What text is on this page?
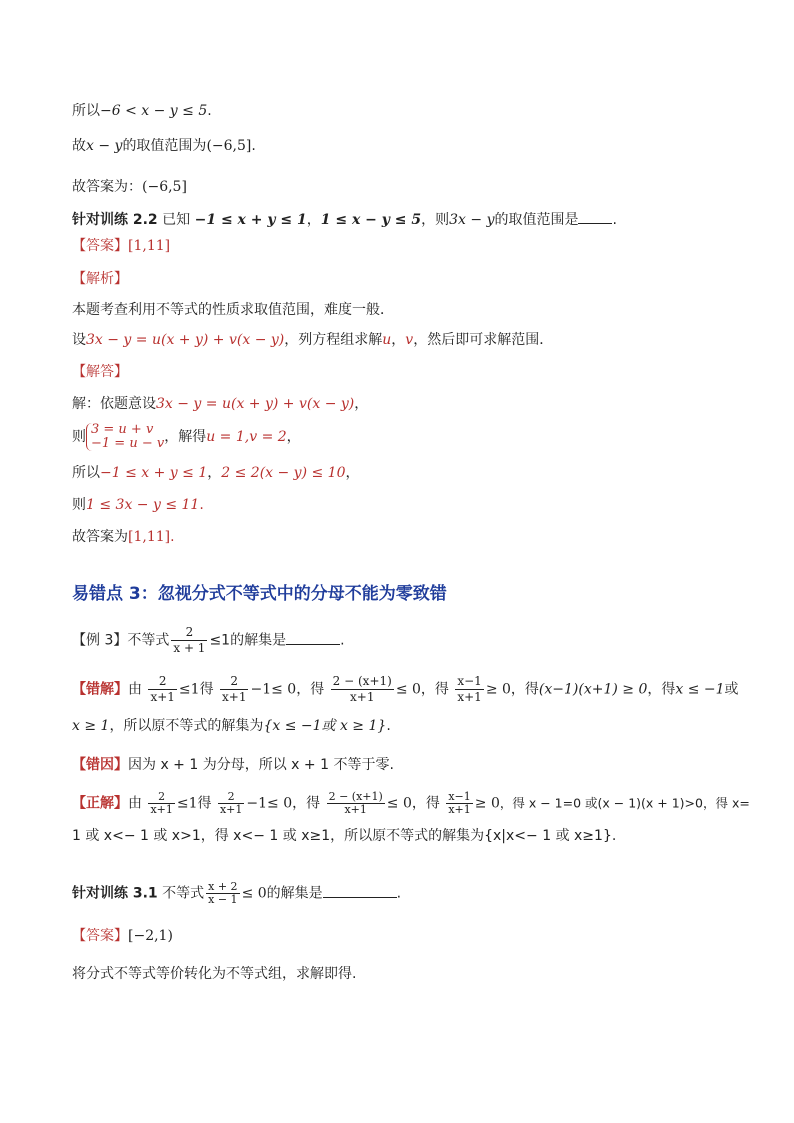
所以−6 < x − y ≤ 5.
故x − y的取值范围为(−6,5].
故答案为：(−6,5]
针对训练 2.2 已知 −1 ≤ x + y ≤ 1，1 ≤ x − y ≤ 5，则3x − y的取值范围是 .
【答案】[1,11]
【解析】
本题考查利用不等式的性质求取值范围，难度一般．
设3x − y = u(x + y) + v(x − y)，列方程组求解u，v，然后即可求解范围．
【解答】
解：依题意设3x − y = u(x + y) + v(x − y)，
则 3 = u + v
−1 = u − v ，解得u = 1,v = 2，
所以−1 ≤ x + y ≤ 1，2 ≤ 2(x − y) ≤ 10，
则1 ≤ 3x − y ≤ 11.
故答案为[1,11].
易错点 3：忽视分式不等式中的分母不能为零致错
【例 3】不等式 $\frac{2}{x + 1} \le 1$的解集是	.
【错解】由 $\frac{2}{x+1} \le 1$得 $\frac{2}{x+1} -1\le 0$，得 $\frac{2 - (x+1)}{x+1} \le 0$，得 $\frac{x-1}{x+1} \ge 0$，得(x−1)(x+1) ≥ 0，得x ≤ −1或
x ≥ 1，所以原不等式的解集为{x ≤ −1或 x ≥ 1}.
【错因】因为 x + 1 为分母，所以 x + 1 不等于零.
【正解】由 $\frac{2}{x+1} \le 1$得 $\frac{2}{x+1} -1\le 0$，得 $\frac{2 - (x+1)}{x+1} \le 0$，得 $\frac{x-1}{x+1} \ge 0$，得 x − 1=0 或(x − 1)(x + 1)>0，得 x=
1 或 x<− 1 或 x>1，得 x<− 1 或 x≥1，所以原不等式的解集为{x|x<− 1 或 x≥1}.
针对训练 3.1 不等式 $\frac{x + 2}{x - 1} \le 0$的解集是	.
【答案】[−2,1)
将分式不等式等价转化为不等式组，求解即得.
